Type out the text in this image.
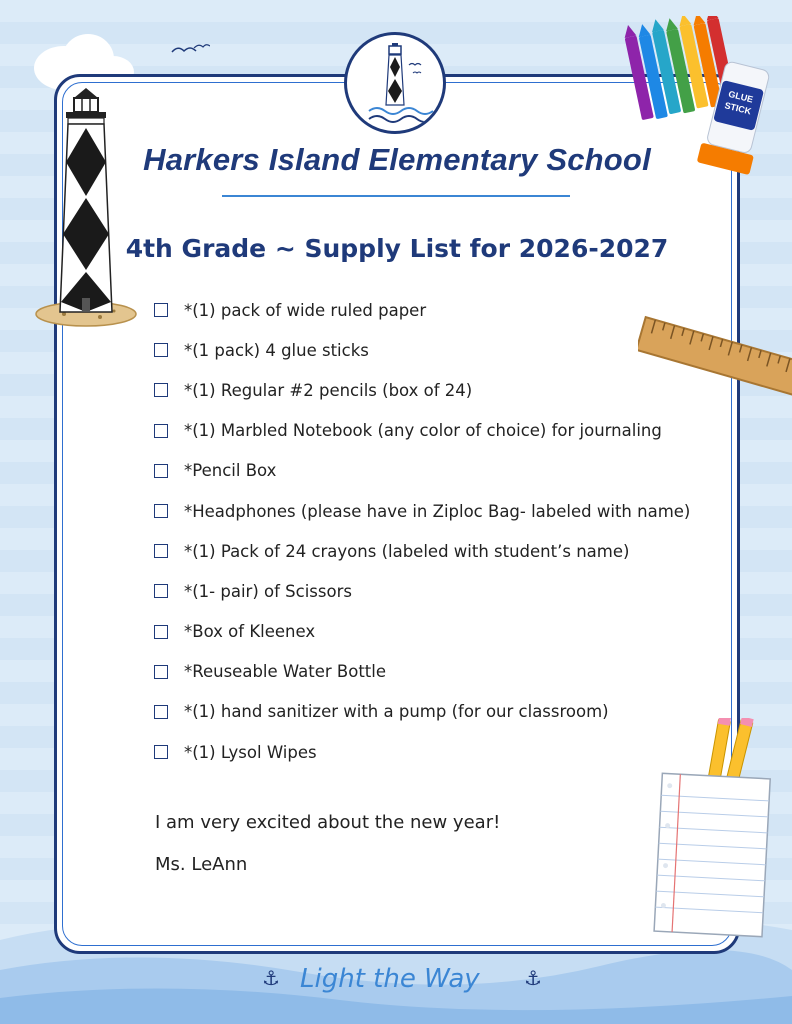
GLUE
STICK
Harkers Island Elementary School
4th Grade ~ Supply List for 2026-2027
*(1) pack of wide ruled paper
*(1 pack) 4 glue sticks
*(1) Regular #2 pencils (box of 24)
*(1) Marbled Notebook (any color of choice) for journaling
*Pencil Box
*Headphones (please have in Ziploc Bag- labeled with name)
*(1) Pack of 24 crayons (labeled with student’s name)
*(1- pair) of Scissors
*Box of Kleenex
*Reuseable Water Bottle
*(1) hand sanitizer with a pump (for our classroom)
*(1) Lysol Wipes
I am very excited about the new year!
Ms. LeAnn
⚓ Light the Way ⚓
